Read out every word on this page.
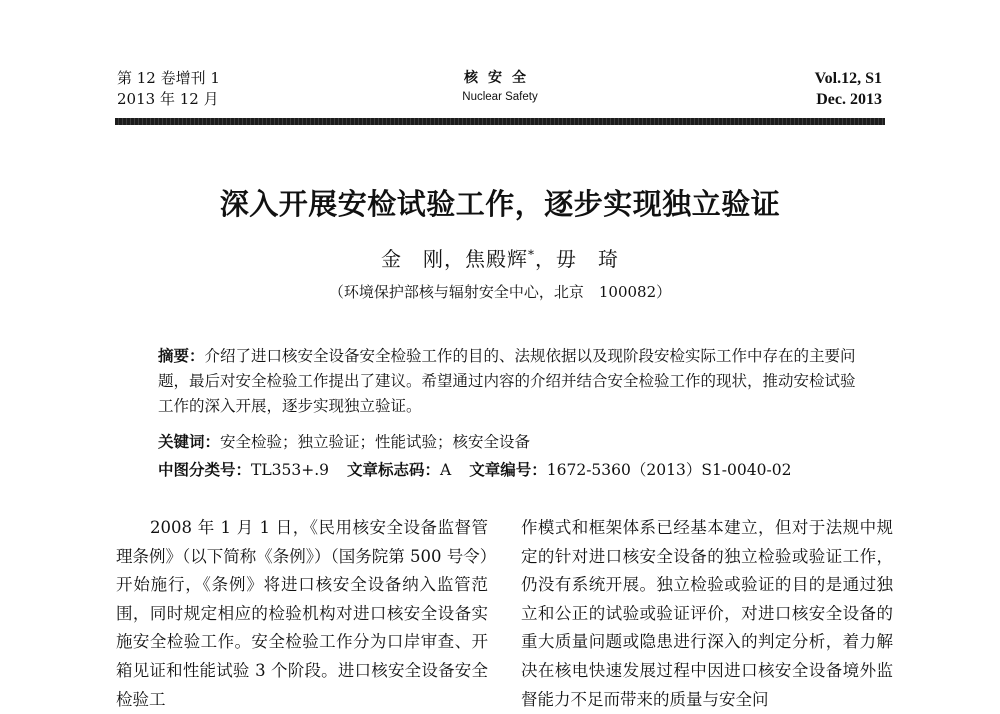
第 12 卷增刊 1
2013 年 12 月
核安全
Nuclear Safety
Vol.12, S1
Dec. 2013
深入开展安检试验工作，逐步实现独立验证
金　刚，焦殿辉*，毋　琦
（环境保护部核与辐射安全中心，北京　100082）
摘要：介绍了进口核安全设备安全检验工作的目的、法规依据以及现阶段安检实际工作中存在的主要问题，最后对安全检验工作提出了建议。希望通过内容的介绍并结合安全检验工作的现状，推动安检试验工作的深入开展，逐步实现独立验证。
关键词：安全检验；独立验证；性能试验；核安全设备
中图分类号：TL353+.9 文章标志码：A 文章编号：1672-5360（2013）S1-0040-02

　　2008 年 1 月 1 日，《民用核安全设备监督管理条例》（以下简称《条例》）（国务院第 500 号令）开始施行，《条例》将进口核安全设备纳入监管范围，同时规定相应的检验机构对进口核安全设备实施安全检验工作。安全检验工作分为口岸审查、开箱见证和性能试验 3 个阶段。进口核安全设备安全检验工

作模式和框架体系已经基本建立，但对于法规中规定的针对进口核安全设备的独立检验或验证工作，仍没有系统开展。独立检验或验证的目的是通过独立和公正的试验或验证评价，对进口核安全设备的重大质量问题或隐患进行深入的判定分析，着力解决在核电快速发展过程中因进口核安全设备境外监督能力不足而带来的质量与安全问
